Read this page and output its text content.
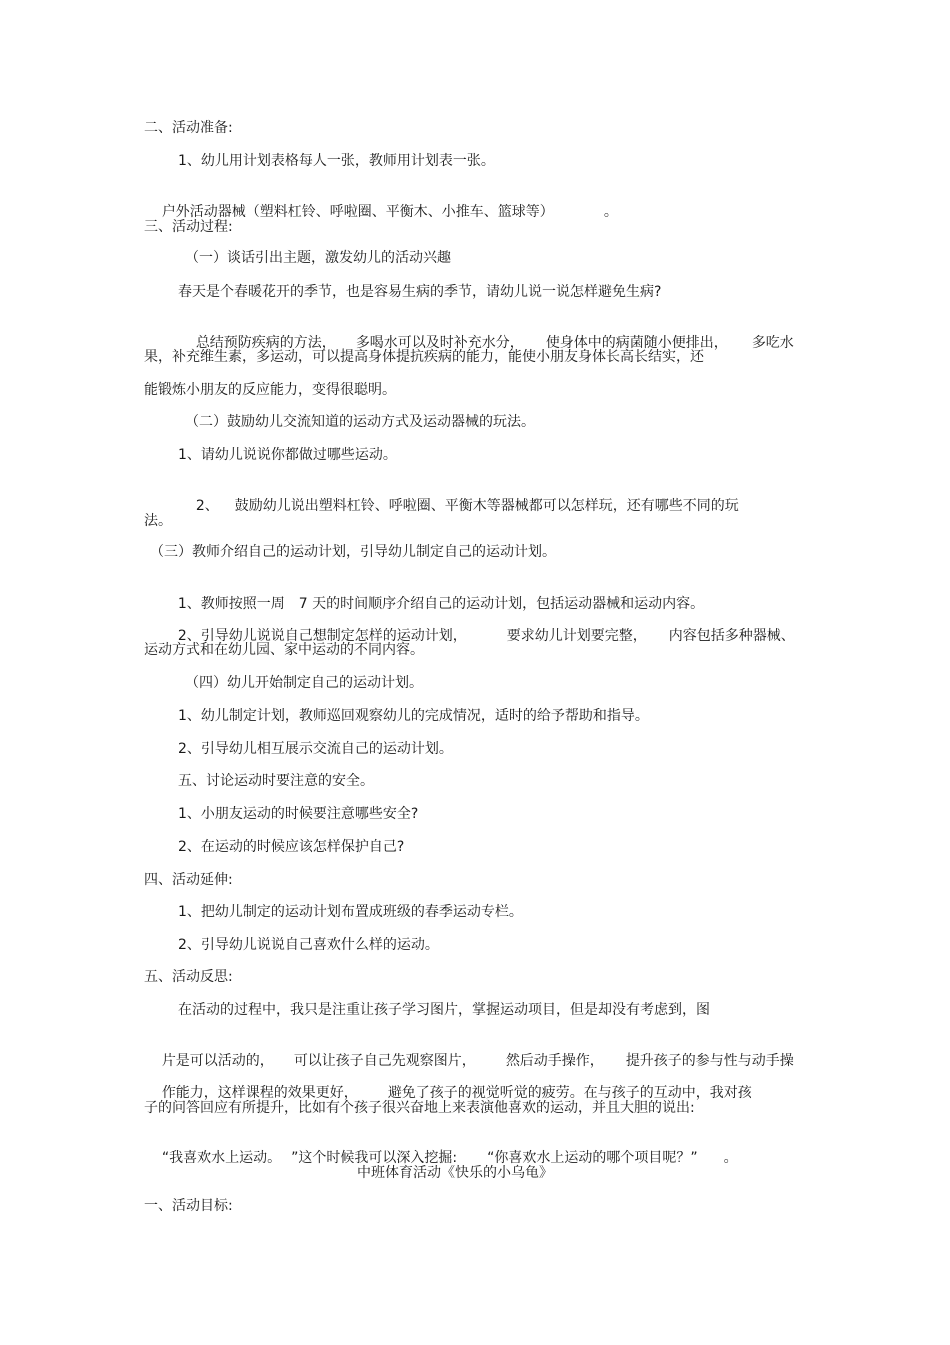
二、活动准备:
1、幼儿用计划表格每人一张，教师用计划表一张。

户外活动器械（塑料杠铃、呼啦圈、平衡木、小推车、篮球等）	。

三、活动过程:
（一）谈话引出主题，激发幼儿的活动兴趣
春天是个春暖花开的季节，也是容易生病的季节，请幼儿说一说怎样避免生病?

总结预防疾病的方法， 多喝水可以及时补充水分， 使身体中的病菌随小便排出， 多吃水

果，补充维生素，多运动，可以提高身体提抗疾病的能力，能使小朋友身体长高长结实，还
能锻炼小朋友的反应能力，变得很聪明。
（二）鼓励幼儿交流知道的运动方式及运动器械的玩法。
1、请幼儿说说你都做过哪些运动。

2、 鼓励幼儿说出塑料杠铃、呼啦圈、平衡木等器械都可以怎样玩，还有哪些不同的玩

法。
（三）教师介绍自己的运动计划，引导幼儿制定自己的运动计划。

1、教师按照一周 7 天的时间顺序介绍自己的运动计划，包括运动器械和运动内容。

2、引导幼儿说说自己想制定怎样的运动计划，	要求幼儿计划要完整， 内容包括多种器械、

运动方式和在幼儿园、家中运动的不同内容。
（四）幼儿开始制定自己的运动计划。
1、幼儿制定计划，教师巡回观察幼儿的完成情况，适时的给予帮助和指导。
2、引导幼儿相互展示交流自己的运动计划。
五、讨论运动时要注意的安全。
1、小朋友运动的时候要注意哪些安全?
2、在运动的时候应该怎样保护自己?
四、活动延伸:
1、把幼儿制定的运动计划布置成班级的春季运动专栏。
2、引导幼儿说说自己喜欢什么样的运动。
五、活动反思:
在活动的过程中，我只是注重让孩子学习图片，掌握运动项目，但是却没有考虑到，图

片是可以活动的， 可以让孩子自己先观察图片， 然后动手操作， 提升孩子的参与性与动手操

作能力，这样课程的效果更好， 避免了孩子的视觉听觉的疲劳。在与孩子的互动中，我对孩

子的问答回应有所提升，比如有个孩子很兴奋地上来表演他喜欢的运动，并且大胆的说出:

“我喜欢水上运动。 ”这个时候我可以深入挖掘: “你喜欢水上运动的哪个项目呢？” 。

中班体育活动《快乐的小乌龟》
一、活动目标:
